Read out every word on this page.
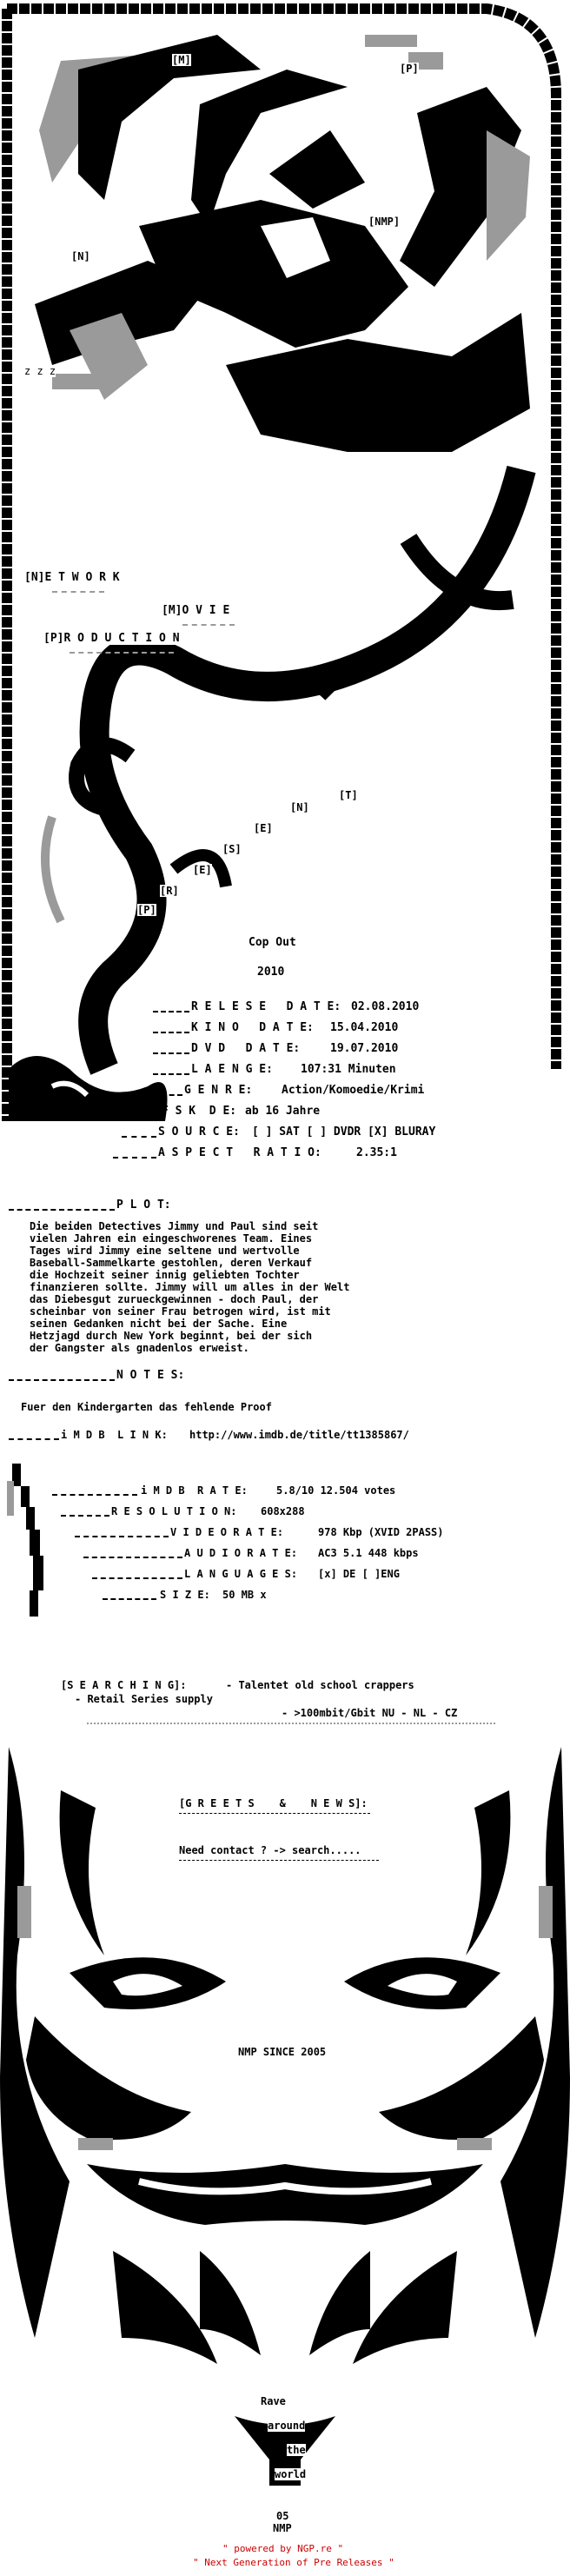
[M]
[P]
[NMP]
[N]
z z z
[N]E T W O R K
[M]O V I E
[P]R O D U C T I O N
[P]
[R]
[E]
[S]
[E]
[N]
[T]
Cop Out
2010
R E L E S E   D A T E: 02.08.2010
K I N O   D A T E: 15.04.2010
D V D   D A T E:	19.07.2010
L A E N G E: 107:31 Minuten
G E N R E:	Action/Komoedie/Krimi
F S K  D E: ab 16 Jahre
S O U R C E: [ ] SAT [ ] DVDR [X] BLURAY
A S P E C T   R A T I O:	2.35:1
P L O T:
Die beiden Detectives Jimmy und Paul sind seit
vielen Jahren ein eingeschworenes Team. Eines
Tages wird Jimmy eine seltene und wertvolle
Baseball-Sammelkarte gestohlen, deren Verkauf
die Hochzeit seiner innig geliebten Tochter
finanzieren sollte. Jimmy will um alles in der Welt
das Diebesgut zurueckgewinnen - doch Paul, der
scheinbar von seiner Frau betrogen wird, ist mit
seinen Gedanken nicht bei der Sache. Eine
Hetzjagd durch New York beginnt, bei der sich
der Gangster als gnadenlos erweist.
N O T E S:
Fuer den Kindergarten das fehlende Proof
i M D B  L I N K: http://www.imdb.de/title/tt1385867/
i M D B  R A T E:	5.8/10 12.504 votes
R E S O L U T I O N: 608x288
V I D E O R A T E:	978 Kbp (XVID 2PASS)
A U D I O R A T E: AC3 5.1 448 kbps
L A N G U A G E S: [x] DE [ ]ENG
S I Z E: 50 MB x
[S E A R C H I N G]:	- Talentet old school crappers
- Retail Series supply
- >100mbit/Gbit NU - NL - CZ
[G R E E T S    &    N E W S]:
Need contact ? -> search.....
NMP SINCE 2005
Rave
around
the
world
05
NMP
" powered by NGP.re "
" Next Generation of Pre Releases "
